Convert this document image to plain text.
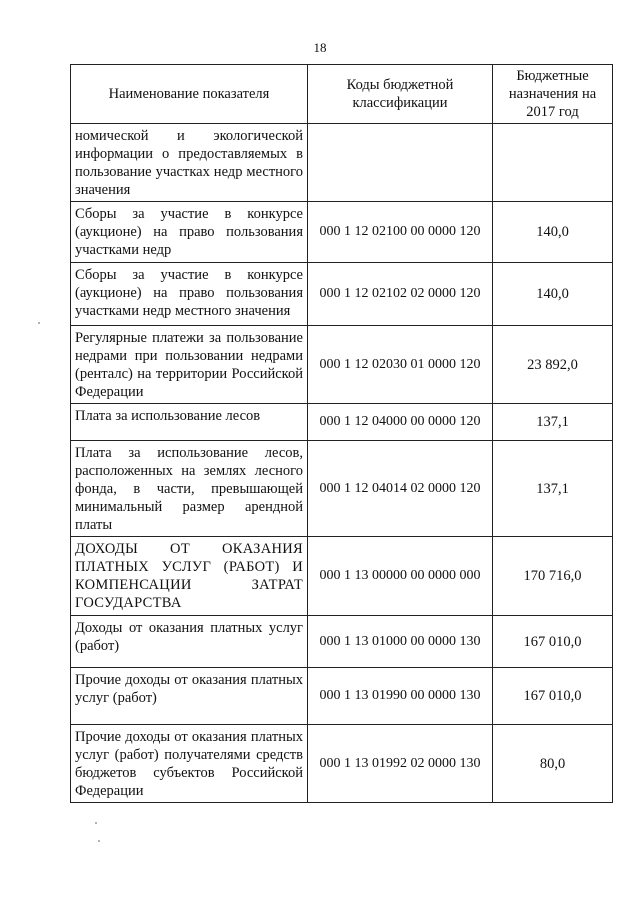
18
Наименование показателя	Коды бюджетной классификации	Бюджетные назначения на 2017 год
номической и экологической информации о предоставляемых в пользование участках недр местного значения		
Сборы за участие в конкурсе (аукционе) на право пользования участками недр	000 1 12 02100 00 0000 120	140,0
Сборы за участие в конкурсе (аукционе) на право пользования участками недр местного значения	000 1 12 02102 02 0000 120	140,0
Регулярные платежи за пользование недрами при пользовании недрами (ренталс) на территории Российской Федерации	000 1 12 02030 01 0000 120	23 892,0
Плата за использование лесов	000 1 12 04000 00 0000 120	137,1
Плата за использование лесов, расположенных на землях лесного фонда, в части, превышающей минимальный размер арендной платы	000 1 12 04014 02 0000 120	137,1
ДОХОДЫ ОТ ОКАЗАНИЯ ПЛАТНЫХ УСЛУГ (РАБОТ) И КОМПЕНСАЦИИ ЗАТРАТ ГОСУДАРСТВА	000 1 13 00000 00 0000 000	170 716,0
Доходы от оказания платных услуг (работ)	000 1 13 01000 00 0000 130	167 010,0
Прочие доходы от оказания платных услуг (работ)	000 1 13 01990 00 0000 130	167 010,0
Прочие доходы от оказания платных услуг (работ) получателями средств бюджетов субъектов Российской Федерации	000 1 13 01992 02 0000 130	80,0
